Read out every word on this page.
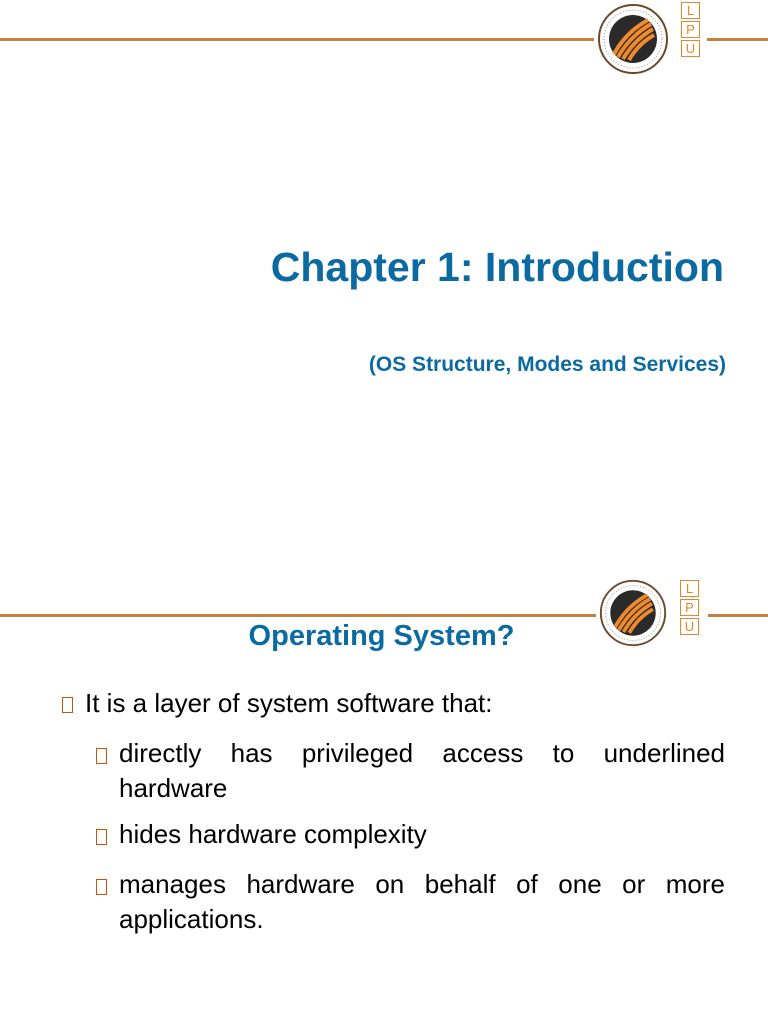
L
P
U
Chapter 1: Introduction
(OS Structure, Modes and Services)
L
P
U
Operating System?
It is a layer of system software that:
directly has privileged access to underlined hardware
hides hardware complexity
manages hardware on behalf of one or more applications.
